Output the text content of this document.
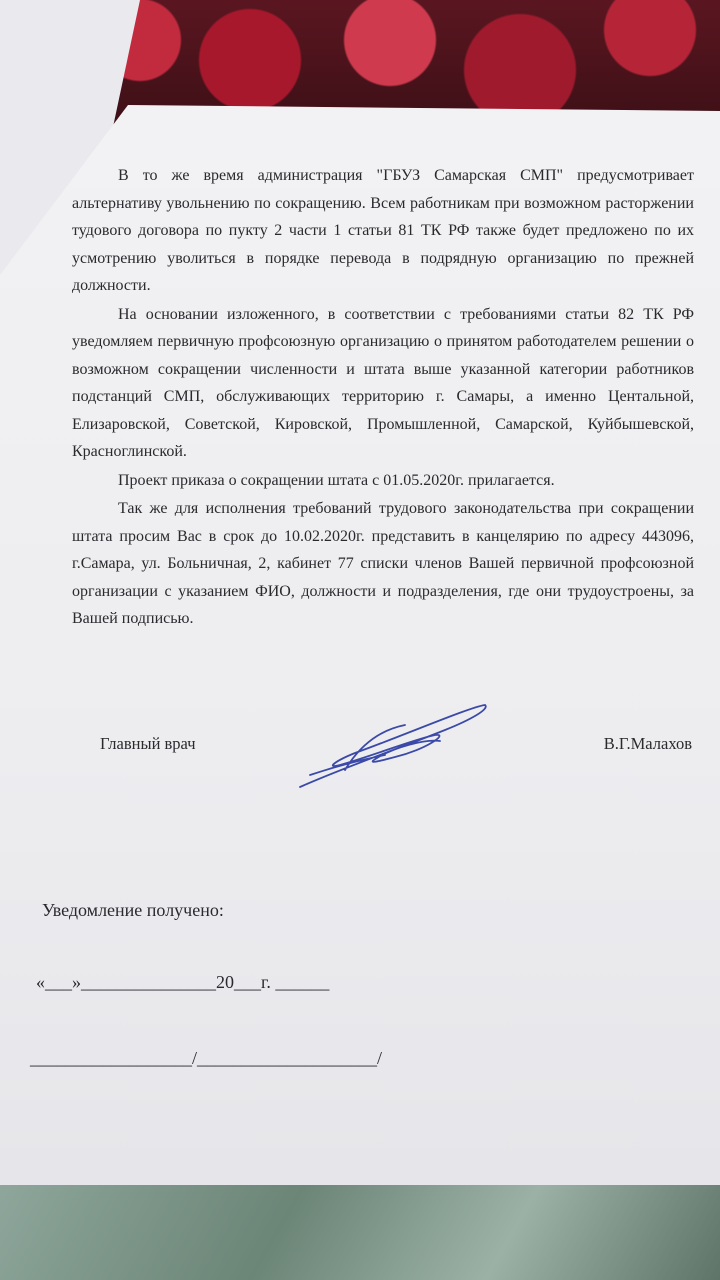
В то же время администрация "ГБУЗ Самарская СМП" предусмотривает альтернативу увольнению по сокращению. Всем работникам при возможном расторжении тудового договора по пукту 2 части 1 статьи 81 ТК РФ также будет предложено по их усмотрению уволиться в порядке перевода в подрядную организацию по прежней должности.

На основании изложенного, в соответствии с требованиями статьи 82 ТК РФ уведомляем первичную профсоюзную организацию о принятом работодателем решении о возможном сокращении численности и штата выше указанной категории работников подстанций СМП, обслуживающих территорию г. Самары, а именно Центальной, Елизаровской, Советской, Кировской, Промышленной, Самарской, Куйбышевской, Красноглинской.

Проект приказа о сокращении штата с 01.05.2020г. прилагается.

Так же для исполнения требований трудового законодательства при сокращении штата просим Вас в срок до 10.02.2020г. представить в канцелярию по адресу 443096, г.Самара, ул. Больничная, 2, кабинет 77 списки членов Вашей первичной профсоюзной организации с указанием ФИО, должности и подразделения, где они трудоустроены, за Вашей подписью.

Главный врач	В.Г.Малахов
Уведомление получено:
«___»_______________20___г. ______
__________________/____________________/
